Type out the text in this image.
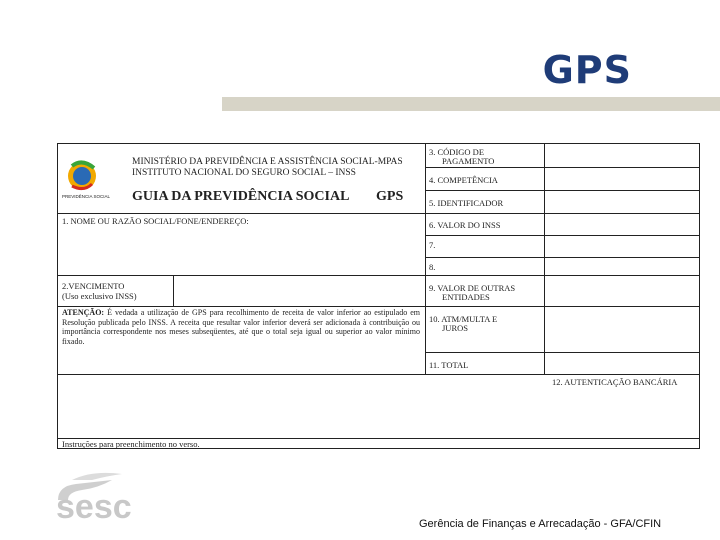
GPS
PREVIDÊNCIA SOCIAL
MINISTÉRIO DA PREVIDÊNCIA E ASSISTÊNCIA SOCIAL-MPAS
INSTITUTO NACIONAL DO SEGURO SOCIAL – INSS
GUIA DA PREVIDÊNCIA SOCIAL GPS
1. NOME OU RAZÃO SOCIAL/FONE/ENDEREÇO:
2.VENCIMENTO
(Uso exclusivo INSS)
3. CÓDIGO DE
PAGAMENTO
4. COMPETÊNCIA
5. IDENTIFICADOR
6. VALOR DO INSS
7.
8.
9. VALOR DE OUTRAS
ENTIDADES
10. ATM/MULTA E
JUROS
11. TOTAL
12. AUTENTICAÇÃO BANCÁRIA
ATENÇÃO: É vedada a utilização de GPS para recolhimento de receita de valor inferior ao estipulado em Resolução publicada pelo INSS. A receita que resultar valor inferior deverá ser adicionada à contribuição ou importância correspondente nos meses subseqüentes, até que o total seja igual ou superior ao valor mínimo fixado.
Instruções para preenchimento no verso.
sesc	Gerência de Finanças e Arrecadação - GFA/CFIN
